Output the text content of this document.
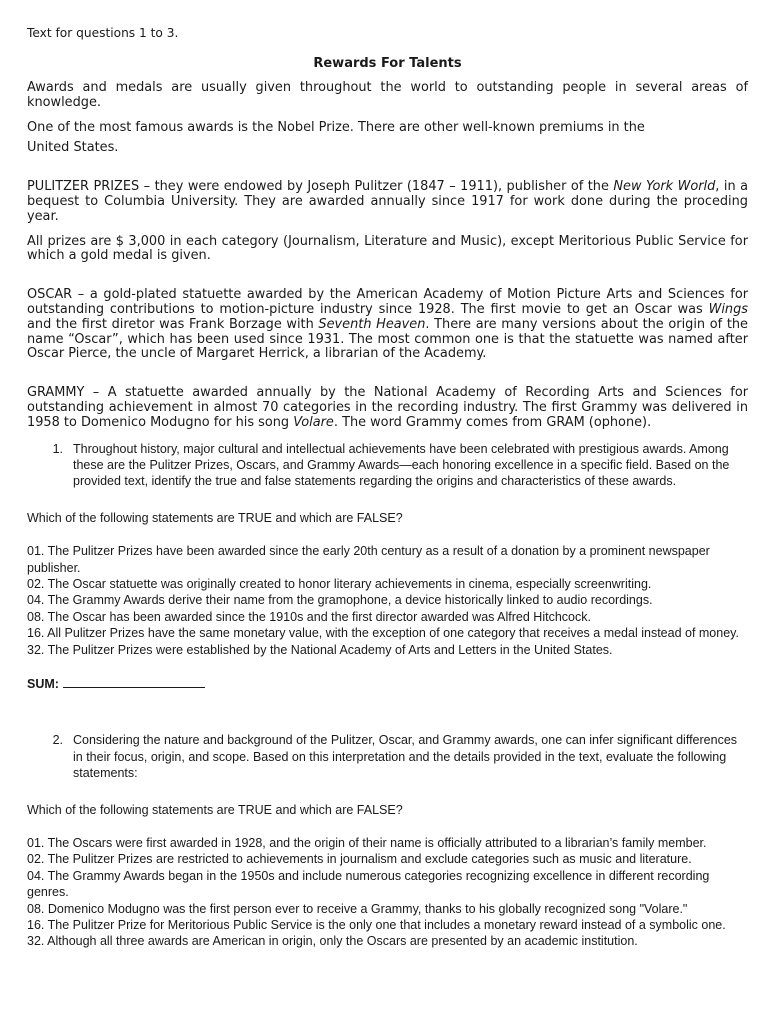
Text for questions 1 to 3.
Rewards For Talents

Awards and medals are usually given throughout the world to outstanding people in several areas of knowledge.

One of the most famous awards is the Nobel Prize. There are other well-known premiums in the

United States.

PULITZER PRIZES – they were endowed by Joseph Pulitzer (1847 – 1911), publisher of the New York World, in a bequest to Columbia University. They are awarded annually since 1917 for work done during the proceding year.

All prizes are $ 3,000 in each category (Journalism, Literature and Music), except Meritorious Public Service for which a gold medal is given.

OSCAR – a gold-plated statuette awarded by the American Academy of Motion Picture Arts and Sciences for outstanding contributions to motion-picture industry since 1928. The first movie to get an Oscar was Wings and the first diretor was Frank Borzage with Seventh Heaven. There are many versions about the origin of the name “Oscar”, which has been used since 1931. The most common one is that the statuette was named after Oscar Pierce, the uncle of Margaret Herrick, a librarian of the Academy.

GRAMMY – A statuette awarded annually by the National Academy of Recording Arts and Sciences for outstanding achievement in almost 70 categories in the recording industry. The first Grammy was delivered in 1958 to Domenico Modugno for his song Volare. The word Grammy comes from GRAM (ophone).

1. Throughout history, major cultural and intellectual achievements have been celebrated with prestigious awards. Among these are the Pulitzer Prizes, Oscars, and Grammy Awards—each honoring excellence in a specific field. Based on the provided text, identify the true and false statements regarding the origins and characteristics of these awards.
Which of the following statements are TRUE and which are FALSE?

01. The Pulitzer Prizes have been awarded since the early 20th century as a result of a donation by a prominent newspaper publisher.

02. The Oscar statuette was originally created to honor literary achievements in cinema, especially screenwriting.

04. The Grammy Awards derive their name from the gramophone, a device historically linked to audio recordings.

08. The Oscar has been awarded since the 1910s and the first director awarded was Alfred Hitchcock.

16. All Pulitzer Prizes have the same monetary value, with the exception of one category that receives a medal instead of money.

32. The Pulitzer Prizes were established by the National Academy of Arts and Letters in the United States.

SUM:
2. Considering the nature and background of the Pulitzer, Oscar, and Grammy awards, one can infer significant differences in their focus, origin, and scope. Based on this interpretation and the details provided in the text, evaluate the following statements:
Which of the following statements are TRUE and which are FALSE?

01. The Oscars were first awarded in 1928, and the origin of their name is officially attributed to a librarian’s family member.

02. The Pulitzer Prizes are restricted to achievements in journalism and exclude categories such as music and literature.

04. The Grammy Awards began in the 1950s and include numerous categories recognizing excellence in different recording genres.

08. Domenico Modugno was the first person ever to receive a Grammy, thanks to his globally recognized song "Volare."

16. The Pulitzer Prize for Meritorious Public Service is the only one that includes a monetary reward instead of a symbolic one.

32. Although all three awards are American in origin, only the Oscars are presented by an academic institution.
